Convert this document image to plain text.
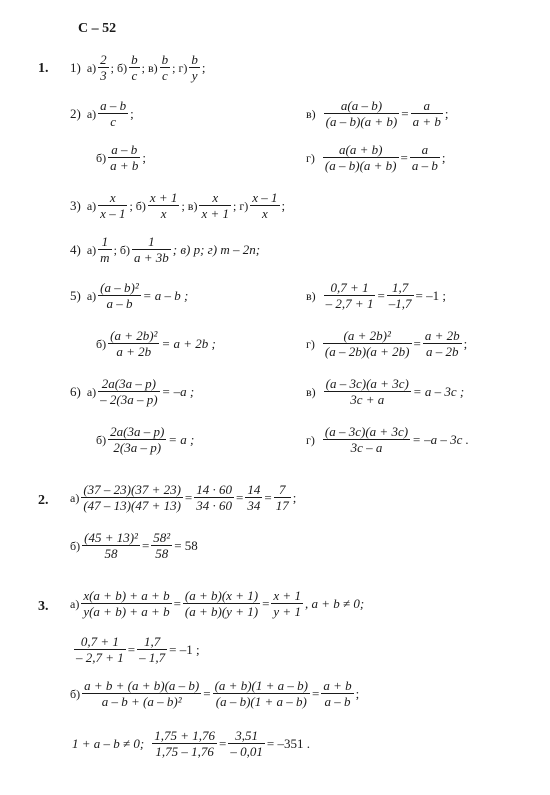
С – 52
1. 1) $а) \frac{2}{3}$ ; $б) \frac{b}{c}$ ; $в) \frac{b}{c}$ ; $г) \frac{b}{y}$ ;
2) $а) \frac{a - b}{c}$ ;	$в) \frac{a(a - b)}{(a - b)(a + b)} = \frac{a}{a + b}$ ;
$б) \frac{a - b}{a + b}$ ;	$г) \frac{a(a + b)}{(a - b)(a + b)} = \frac{a}{a - b}$ ;
3) $а) \frac{x}{x - 1}$ ; $б) \frac{x + 1}{x}$ ; $в) \frac{x}{x + 1}$ ; $г) \frac{x - 1}{x}$ ;
4) $а) \frac{1}{m}$ ; $б) \frac{1}{a + 3b}$ ; в) p; г) m – 2n;
5) $а) \frac{\text{(a – b)²}}{a - b} = a - b$ ;	$в) \frac{0,7 + 1}{- 2,7 + 1} = \frac{1,7}{-1,7} = -1$ ;
$б) \frac{\text{(a + 2b)²}}{a + 2b} = a + 2b$ ;	$г) \frac{\text{(a + 2b)²}}{(a - 2b)(a + 2b)} = \frac{a + 2b}{a - 2b}$ ;
6) $а) \frac{2a(3a - p)}{- 2(3a - p)} = -a$ ;	$в) \frac{(a - 3c)(a + 3c)}{3c + a} = a - 3c$ ;
$б) \frac{2a(3a - p)}{2(3a - p)} = a$ ;	$г) \frac{(a - 3c)(a + 3c)}{3c - a} = -a - 3c$ .
2. $а) \frac{(37 - 23)(37 + 23)}{(47 - 13)(47 + 13)} = \frac{14 \cdot 60}{34 \cdot 60} = \frac{14}{34} = \frac{7}{17}$ ;
$б) \frac{\text{(45 + 13)²}}{58} = \frac{\text{58²}}{58} = 58$
3. $а) \frac{x(a + b) + a + b}{y(a + b) + a + b} = \frac{(a + b)(x + 1)}{(a + b)(y + 1)} = \frac{x + 1}{y + 1}$ , a + b ≠ 0;
$\frac{0,7 + 1}{- 2,7 + 1} = \frac{1,7}{- 1,7} = -1$ ;
$б) \frac{a + b + (a + b)(a - b)}{\text{a – b + (a – b)²}} = \frac{(a + b)(1 + a - b)}{(a - b)(1 + a - b)} = \frac{a + b}{a - b}$ ;
1 + a – b ≠ 0; $\frac{1,75 + 1,76}{1,75 - 1,76} = \frac{3,51}{- 0,01} = -351$ .
